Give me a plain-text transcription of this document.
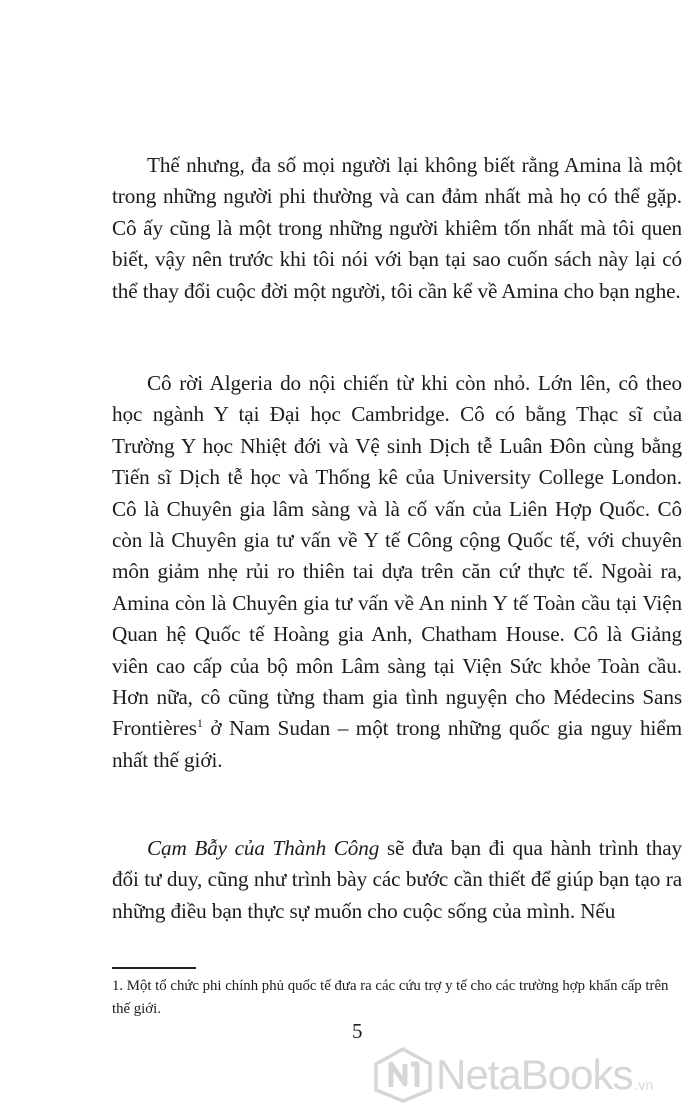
Thế nhưng, đa số mọi người lại không biết rằng Amina là một trong những người phi thường và can đảm nhất mà họ có thể gặp. Cô ấy cũng là một trong những người khiêm tốn nhất mà tôi quen biết, vậy nên trước khi tôi nói với bạn tại sao cuốn sách này lại có thể thay đổi cuộc đời một người, tôi cần kể về Amina cho bạn nghe.

Cô rời Algeria do nội chiến từ khi còn nhỏ. Lớn lên, cô theo học ngành Y tại Đại học Cambridge. Cô có bằng Thạc sĩ của Trường Y học Nhiệt đới và Vệ sinh Dịch tễ Luân Đôn cùng bằng Tiến sĩ Dịch tễ học và Thống kê của University College London. Cô là Chuyên gia lâm sàng và là cố vấn của Liên Hợp Quốc. Cô còn là Chuyên gia tư vấn về Y tế Công cộng Quốc tế, với chuyên môn giảm nhẹ rủi ro thiên tai dựa trên căn cứ thực tế. Ngoài ra, Amina còn là Chuyên gia tư vấn về An ninh Y tế Toàn cầu tại Viện Quan hệ Quốc tế Hoàng gia Anh, Chatham House. Cô là Giảng viên cao cấp của bộ môn Lâm sàng tại Viện Sức khỏe Toàn cầu. Hơn nữa, cô cũng từng tham gia tình nguyện cho Médecins Sans Frontières$^1$ ở Nam Sudan – một trong những quốc gia nguy hiểm nhất thế giới.

Cạm Bẫy của Thành Công sẽ đưa bạn đi qua hành trình thay đổi tư duy, cũng như trình bày các bước cần thiết để giúp bạn tạo ra những điều bạn thực sự muốn cho cuộc sống của mình. Nếu

1. Một tổ chức phi chính phủ quốc tế đưa ra các cứu trợ y tế cho các trường hợp khẩn cấp trên thế giới.

5
NetaBooks .vn
